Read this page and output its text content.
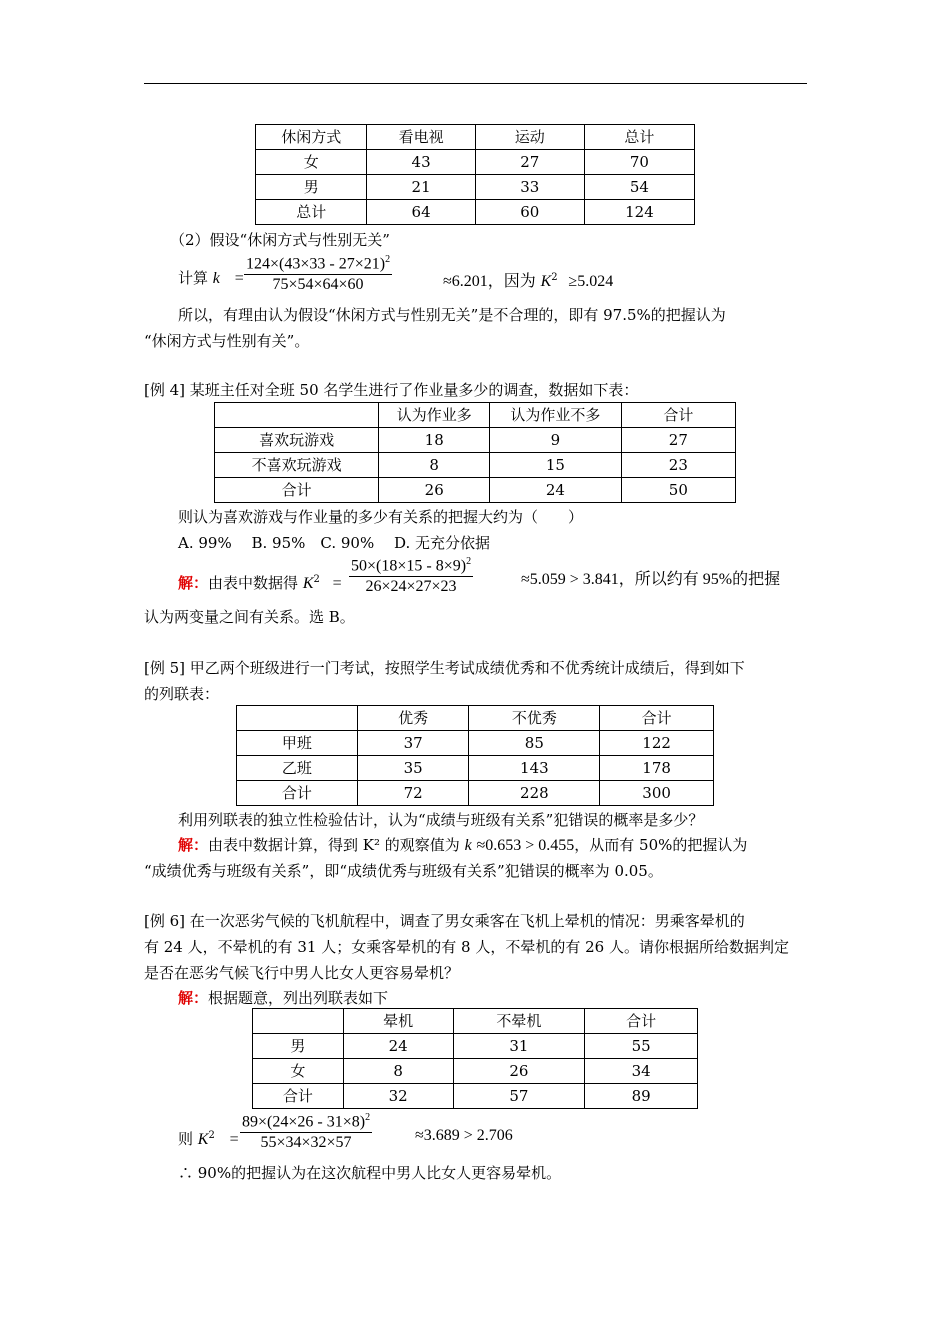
休闲方式	看电视	运动	总计
女	43	27	70
男	21	33	54
总计	64	60	124
（2）假设“休闲方式与性别无关”
计算 $k = \frac{124\times(43\times 33 - 27\times 21)^2}{75\times 54\times 64\times 60}$	≈6.201，因为 $K^2 \ge 5.024$
所以，有理由认为假设“休闲方式与性别无关”是不合理的，即有 97.5%的把握认为
“休闲方式与性别有关”。
[例 4] 某班主任对全班 50 名学生进行了作业量多少的调查，数据如下表：
	认为作业多	认为作业不多	合计
喜欢玩游戏	18	9	27
不喜欢玩游戏	8	15	23
合计	26	24	50
则认为喜欢游戏与作业量的多少有关系的把握大约为（　　）
A. 99%　 B. 95%　C. 90%　 D. 无充分依据
解：由表中数据得 $K^2 = \frac{50\times(18\times 15 - 8\times 9)^2}{26\times 24\times 27\times 23}$	≈5.059 > 3.841，所以约有 95%的把握
认为两变量之间有关系。选 B。
[例 5] 甲乙两个班级进行一门考试，按照学生考试成绩优秀和不优秀统计成绩后，得到如下
的列联表：
	优秀	不优秀	合计
甲班	37	85	122
乙班	35	143	178
合计	72	228	300
利用列联表的独立性检验估计，认为“成绩与班级有关系”犯错误的概率是多少？
解：由表中数据计算，得到 K² 的观察值为 k ≈0.653 > 0.455，从而有 50%的把握认为
“成绩优秀与班级有关系”，即“成绩优秀与班级有关系”犯错误的概率为 0.05。
[例 6] 在一次恶劣气候的飞机航程中，调查了男女乘客在飞机上晕机的情况：男乘客晕机的
有 24 人，不晕机的有 31 人；女乘客晕机的有 8 人，不晕机的有 26 人。请你根据所给数据判定
是否在恶劣气候飞行中男人比女人更容易晕机？
解：根据题意，列出列联表如下
	晕机	不晕机	合计
男	24	31	55
女	8	26	34
合计	32	57	89
则 $K^2 = \frac{89\times(24\times 26 - 31\times 8)^2}{55\times 34\times 32\times 57}$	≈3.689 > 2.706
∴ 90%的把握认为在这次航程中男人比女人更容易晕机。
